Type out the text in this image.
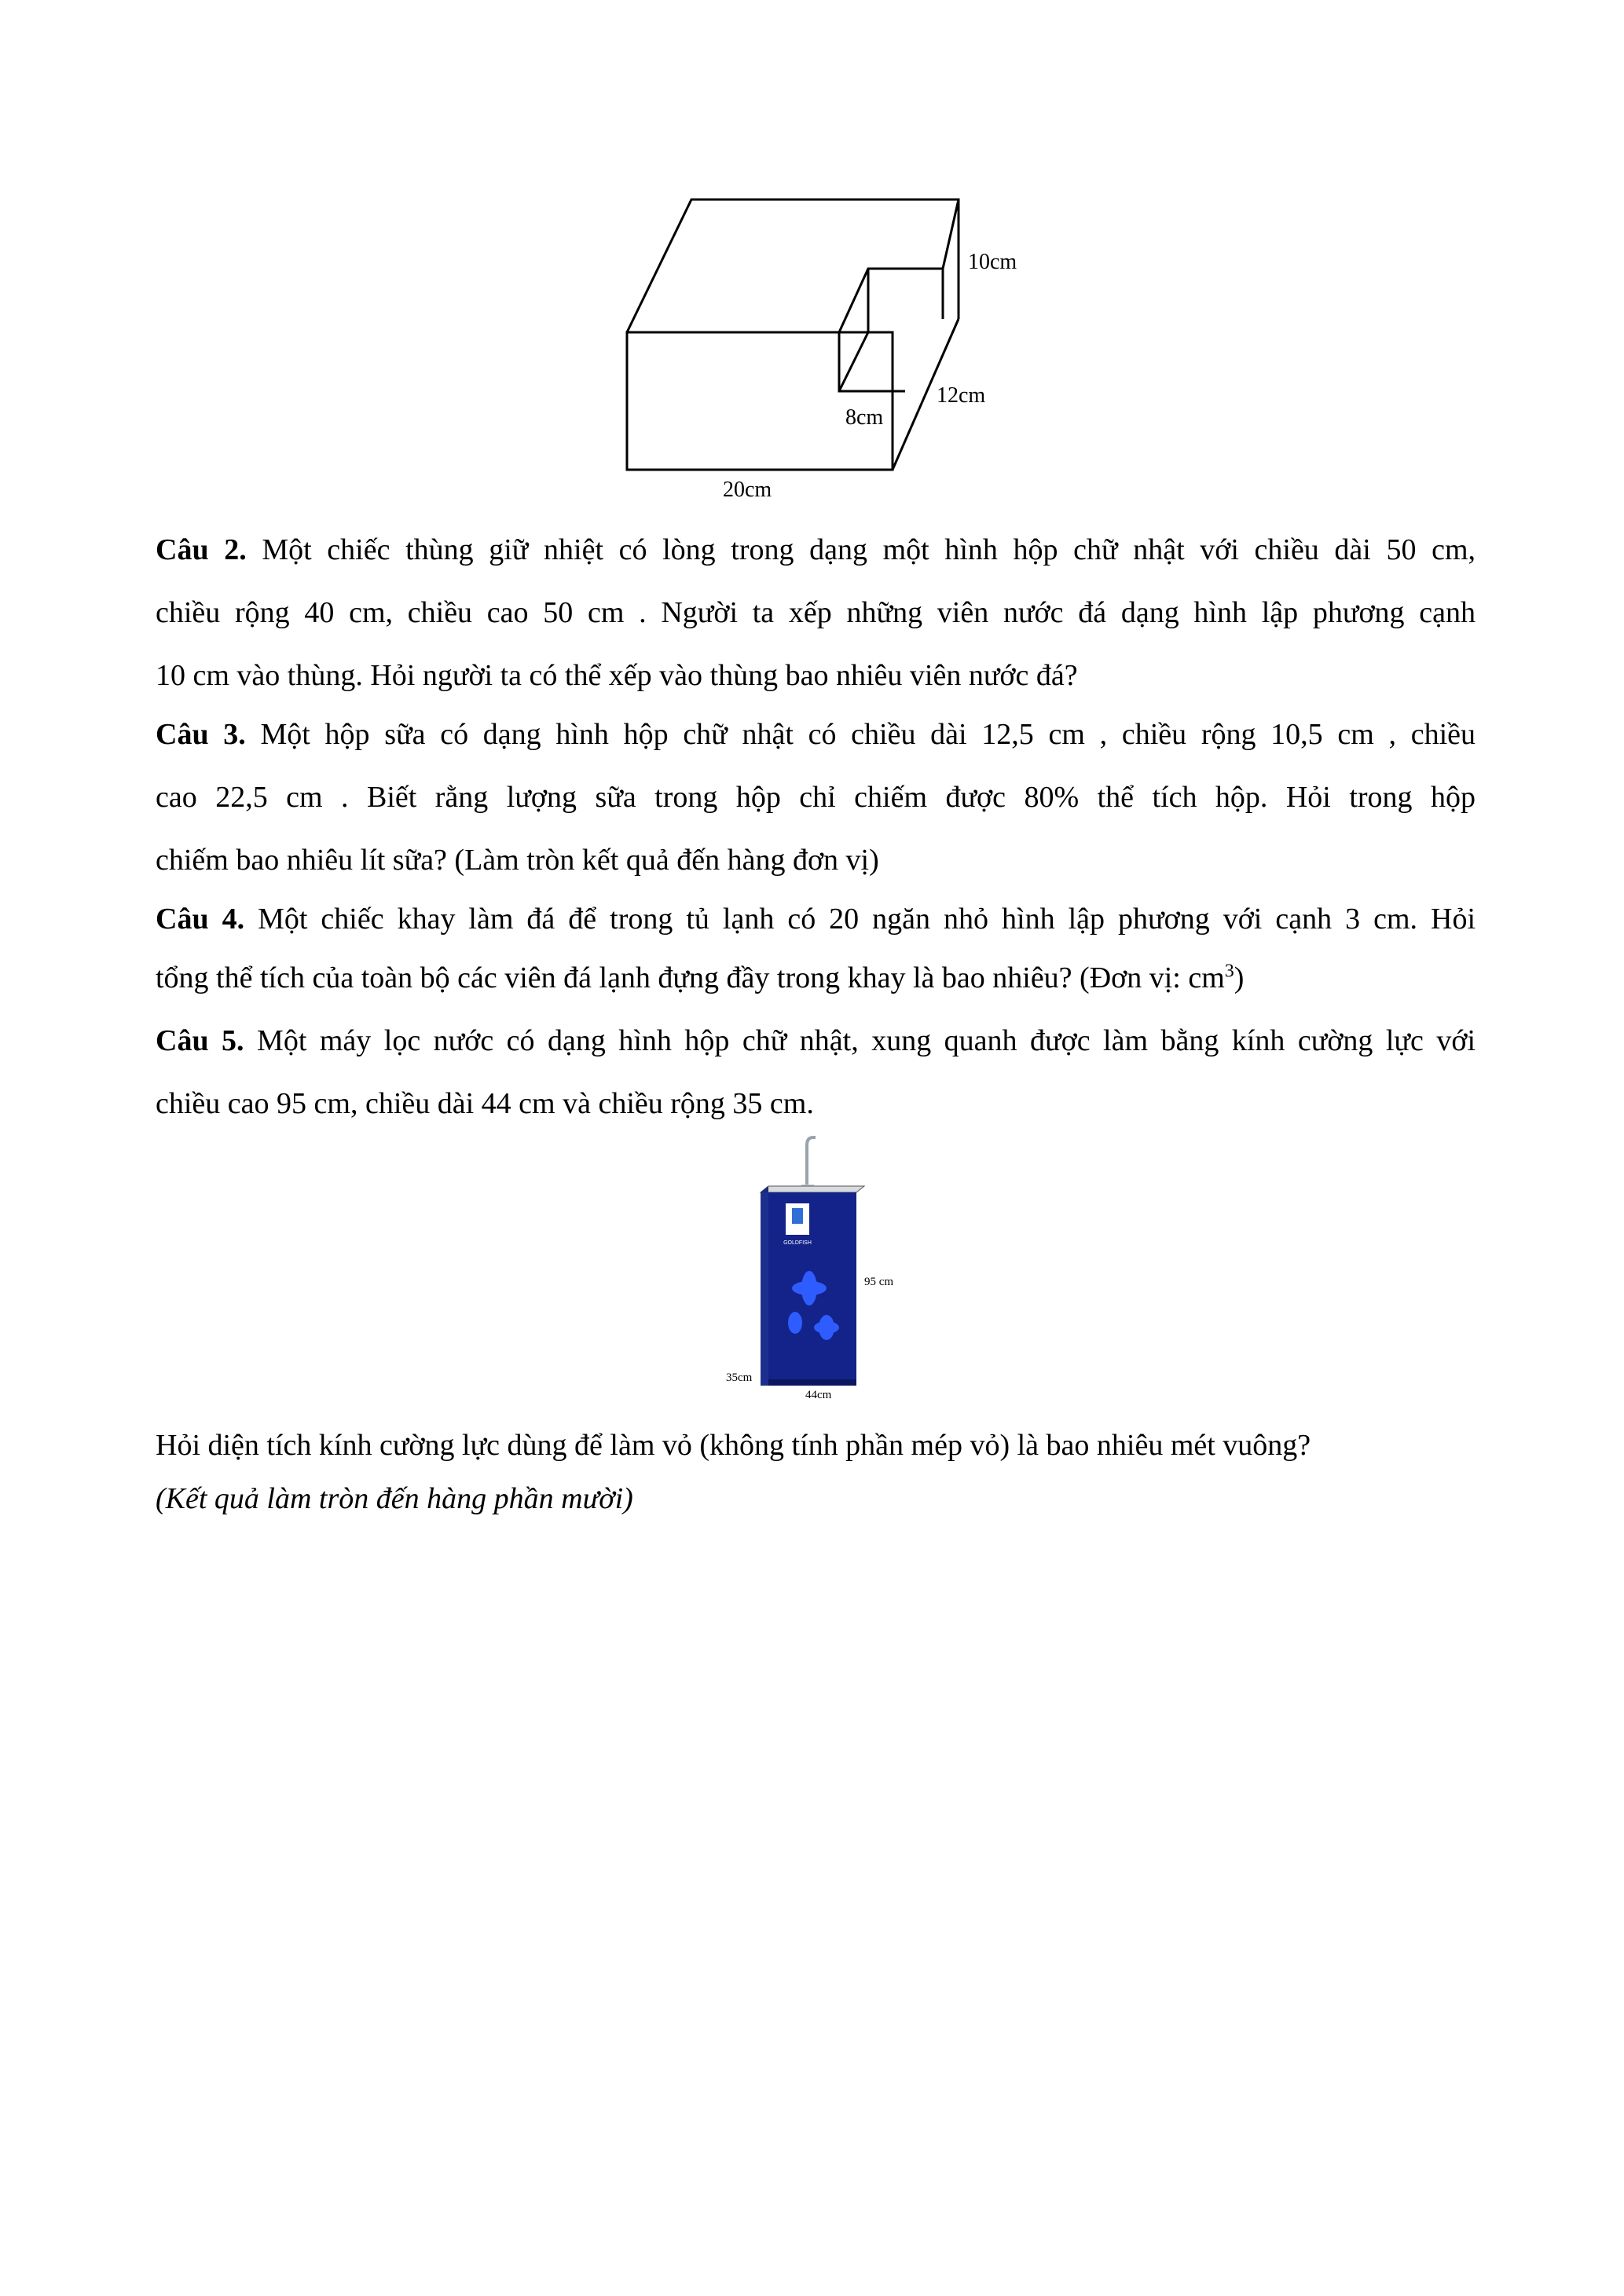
10cm
12cm
8cm
20cm

Câu 2. Một chiếc thùng giữ nhiệt có lòng trong dạng một hình hộp chữ nhật với chiều dài 50 cm,

chiều rộng 40 cm, chiều cao 50 cm . Người ta xếp những viên nước đá dạng hình lập phương cạnh

10 cm vào thùng. Hỏi người ta có thể xếp vào thùng bao nhiêu viên nước đá?

Câu 3. Một hộp sữa có dạng hình hộp chữ nhật có chiều dài 12,5 cm , chiều rộng 10,5 cm , chiều

cao 22,5 cm . Biết rằng lượng sữa trong hộp chỉ chiếm được 80% thể tích hộp. Hỏi trong hộp

chiếm bao nhiêu lít sữa? (Làm tròn kết quả đến hàng đơn vị)

Câu 4. Một chiếc khay làm đá để trong tủ lạnh có 20 ngăn nhỏ hình lập phương với cạnh 3 cm. Hỏi

tổng thể tích của toàn bộ các viên đá lạnh đựng đầy trong khay là bao nhiêu? (Đơn vị: $cm^3$)

Câu 5. Một máy lọc nước có dạng hình hộp chữ nhật, xung quanh được làm bằng kính cường lực với

chiều cao 95 cm, chiều dài 44 cm và chiều rộng 35 cm.

GOLDFISH
95 cm
35cm
44cm

Hỏi diện tích kính cường lực dùng để làm vỏ (không tính phần mép vỏ) là bao nhiêu mét vuông?

(Kết quả làm tròn đến hàng phần mười)
